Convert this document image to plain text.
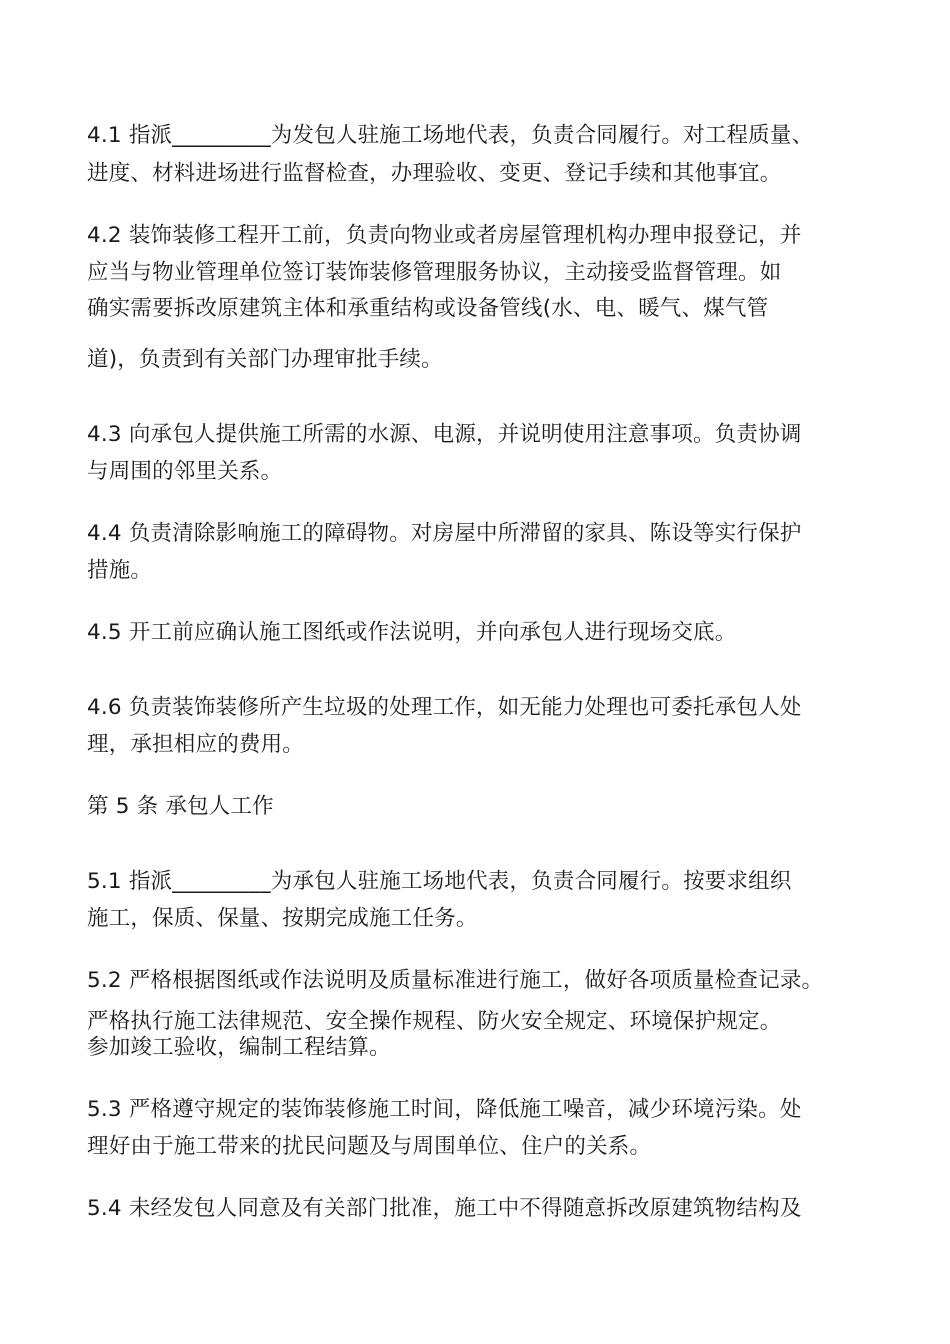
4.1 指派_________为发包人驻施工场地代表，负责合同履行。对工程质量、
进度、材料进场进行监督检查，办理验收、变更、登记手续和其他事宜。
4.2 装饰装修工程开工前，负责向物业或者房屋管理机构办理申报登记，并
应当与物业管理单位签订装饰装修管理服务协议，主动接受监督管理。如
确实需要拆改原建筑主体和承重结构或设备管线(水、电、暖气、煤气管
道)，负责到有关部门办理审批手续。
4.3 向承包人提供施工所需的水源、电源，并说明使用注意事项。负责协调
与周围的邻里关系。
4.4 负责清除影响施工的障碍物。对房屋中所滞留的家具、陈设等实行保护
措施。
4.5 开工前应确认施工图纸或作法说明，并向承包人进行现场交底。
4.6 负责装饰装修所产生垃圾的处理工作，如无能力处理也可委托承包人处
理，承担相应的费用。
第 5 条 承包人工作
5.1 指派_________为承包人驻施工场地代表，负责合同履行。按要求组织
施工，保质、保量、按期完成施工任务。
5.2 严格根据图纸或作法说明及质量标准进行施工，做好各项质量检查记录。
严格执行施工法律规范、安全操作规程、防火安全规定、环境保护规定。
参加竣工验收，编制工程结算。
5.3 严格遵守规定的装饰装修施工时间，降低施工噪音，减少环境污染。处
理好由于施工带来的扰民问题及与周围单位、住户的关系。
5.4 未经发包人同意及有关部门批准，施工中不得随意拆改原建筑物结构及
